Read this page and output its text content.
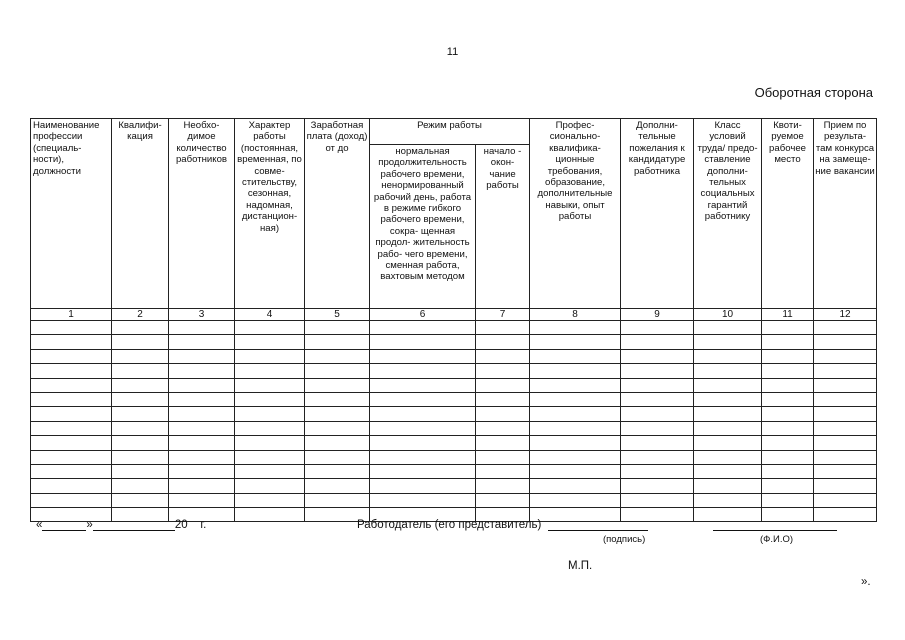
11
Оборотная сторона
Наименование профессии (специаль- ности), должности	Квалифи- кация	Необхо- димое количество работников	Характер работы (постоянная, временная, по совме- стительству, сезонная, надомная, дистанцион- ная)	Заработная плата (доход) от до	Режим работы		Профес- сионально- квалифика- ционные требования, образование, дополнительные навыки, опыт работы	Дополни- тельные пожелания к кандидатуре работника	Класс условий труда/ предо- ставление дополни- тельных социальных гарантий работнику	Квоти- руемое рабочее место	Прием по результа- там конкурса на замеще- ние вакансии
					нормальная продолжительность рабочего времени, ненормированный рабочий день, работа в режиме гибкого рабочего времени, сокра- щенная продол- жительность рабо- чего времени, сменная работа, вахтовым методом	начало - окон- чание работы					
1	2	3	4	5	6	7	8	9	10	11	12

«	»	20 г.	Работодатель (его представитель)
(подпись)	(Ф.И.О)
М.П.
».
